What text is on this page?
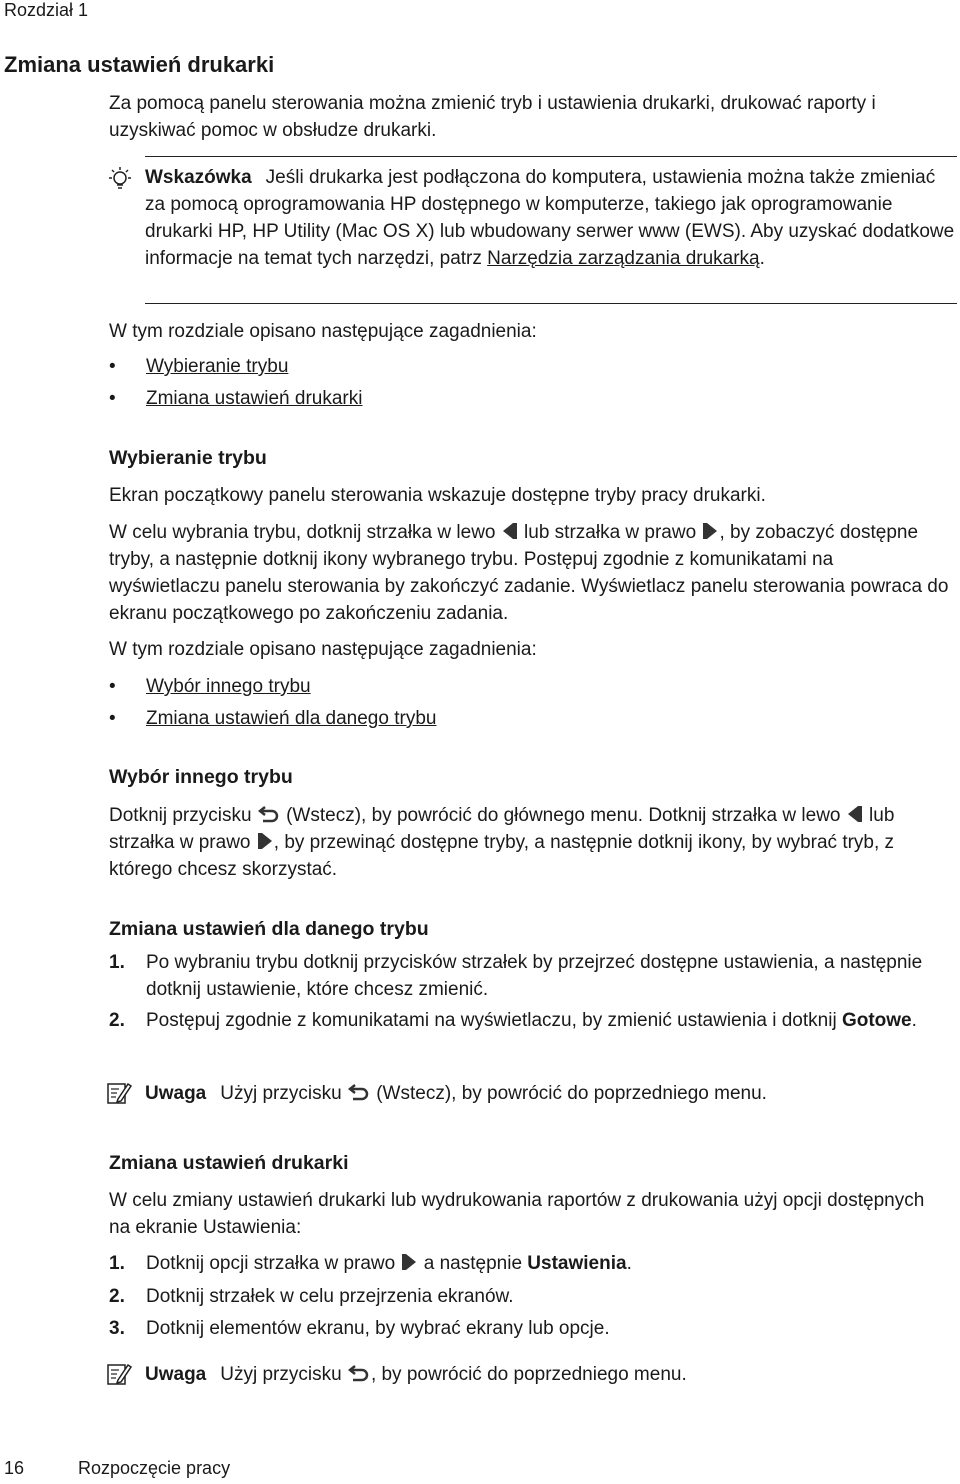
Rozdział 1
Zmiana ustawień drukarki
Za pomocą panelu sterowania można zmienić tryb i ustawienia drukarki, drukować raporty i uzyskiwać pomoc w obsłudze drukarki.
Wskazówka Jeśli drukarka jest podłączona do komputera, ustawienia można także zmieniać za pomocą oprogramowania HP dostępnego w komputerze, takiego jak oprogramowanie drukarki HP, HP Utility (Mac OS X) lub wbudowany serwer www (EWS). Aby uzyskać dodatkowe informacje na temat tych narzędzi, patrz Narzędzia zarządzania drukarką.
W tym rozdziale opisano następujące zagadnienia:
• Wybieranie trybu
• Zmiana ustawień drukarki
Wybieranie trybu
Ekran początkowy panelu sterowania wskazuje dostępne tryby pracy drukarki.
W celu wybrania trybu, dotknij strzałka w lewo  lub strzałka w prawo , by zobaczyć dostępne tryby, a następnie dotknij ikony wybranego trybu. Postępuj zgodnie z komunikatami na wyświetlaczu panelu sterowania by zakończyć zadanie. Wyświetlacz panelu sterowania powraca do ekranu początkowego po zakończeniu zadania.
W tym rozdziale opisano następujące zagadnienia:
• Wybór innego trybu
• Zmiana ustawień dla danego trybu
Wybór innego trybu
Dotknij przycisku  (Wstecz), by powrócić do głównego menu. Dotknij strzałka w lewo  lub strzałka w prawo , by przewinąć dostępne tryby, a następnie dotknij ikony, by wybrać tryb, z którego chcesz skorzystać.
Zmiana ustawień dla danego trybu
1. Po wybraniu trybu dotknij przycisków strzałek by przejrzeć dostępne ustawienia, a następnie dotknij ustawienie, które chcesz zmienić.
2. Postępuj zgodnie z komunikatami na wyświetlaczu, by zmienić ustawienia i dotknij Gotowe.
Uwaga Użyj przycisku  (Wstecz), by powrócić do poprzedniego menu.
Zmiana ustawień drukarki
W celu zmiany ustawień drukarki lub wydrukowania raportów z drukowania użyj opcji dostępnych na ekranie Ustawienia:
1. Dotknij opcji strzałka w prawo  a następnie Ustawienia.
2. Dotknij strzałek w celu przejrzenia ekranów.
3. Dotknij elementów ekranu, by wybrać ekrany lub opcje.
Uwaga Użyj przycisku , by powrócić do poprzedniego menu.
16	Rozpoczęcie pracy
